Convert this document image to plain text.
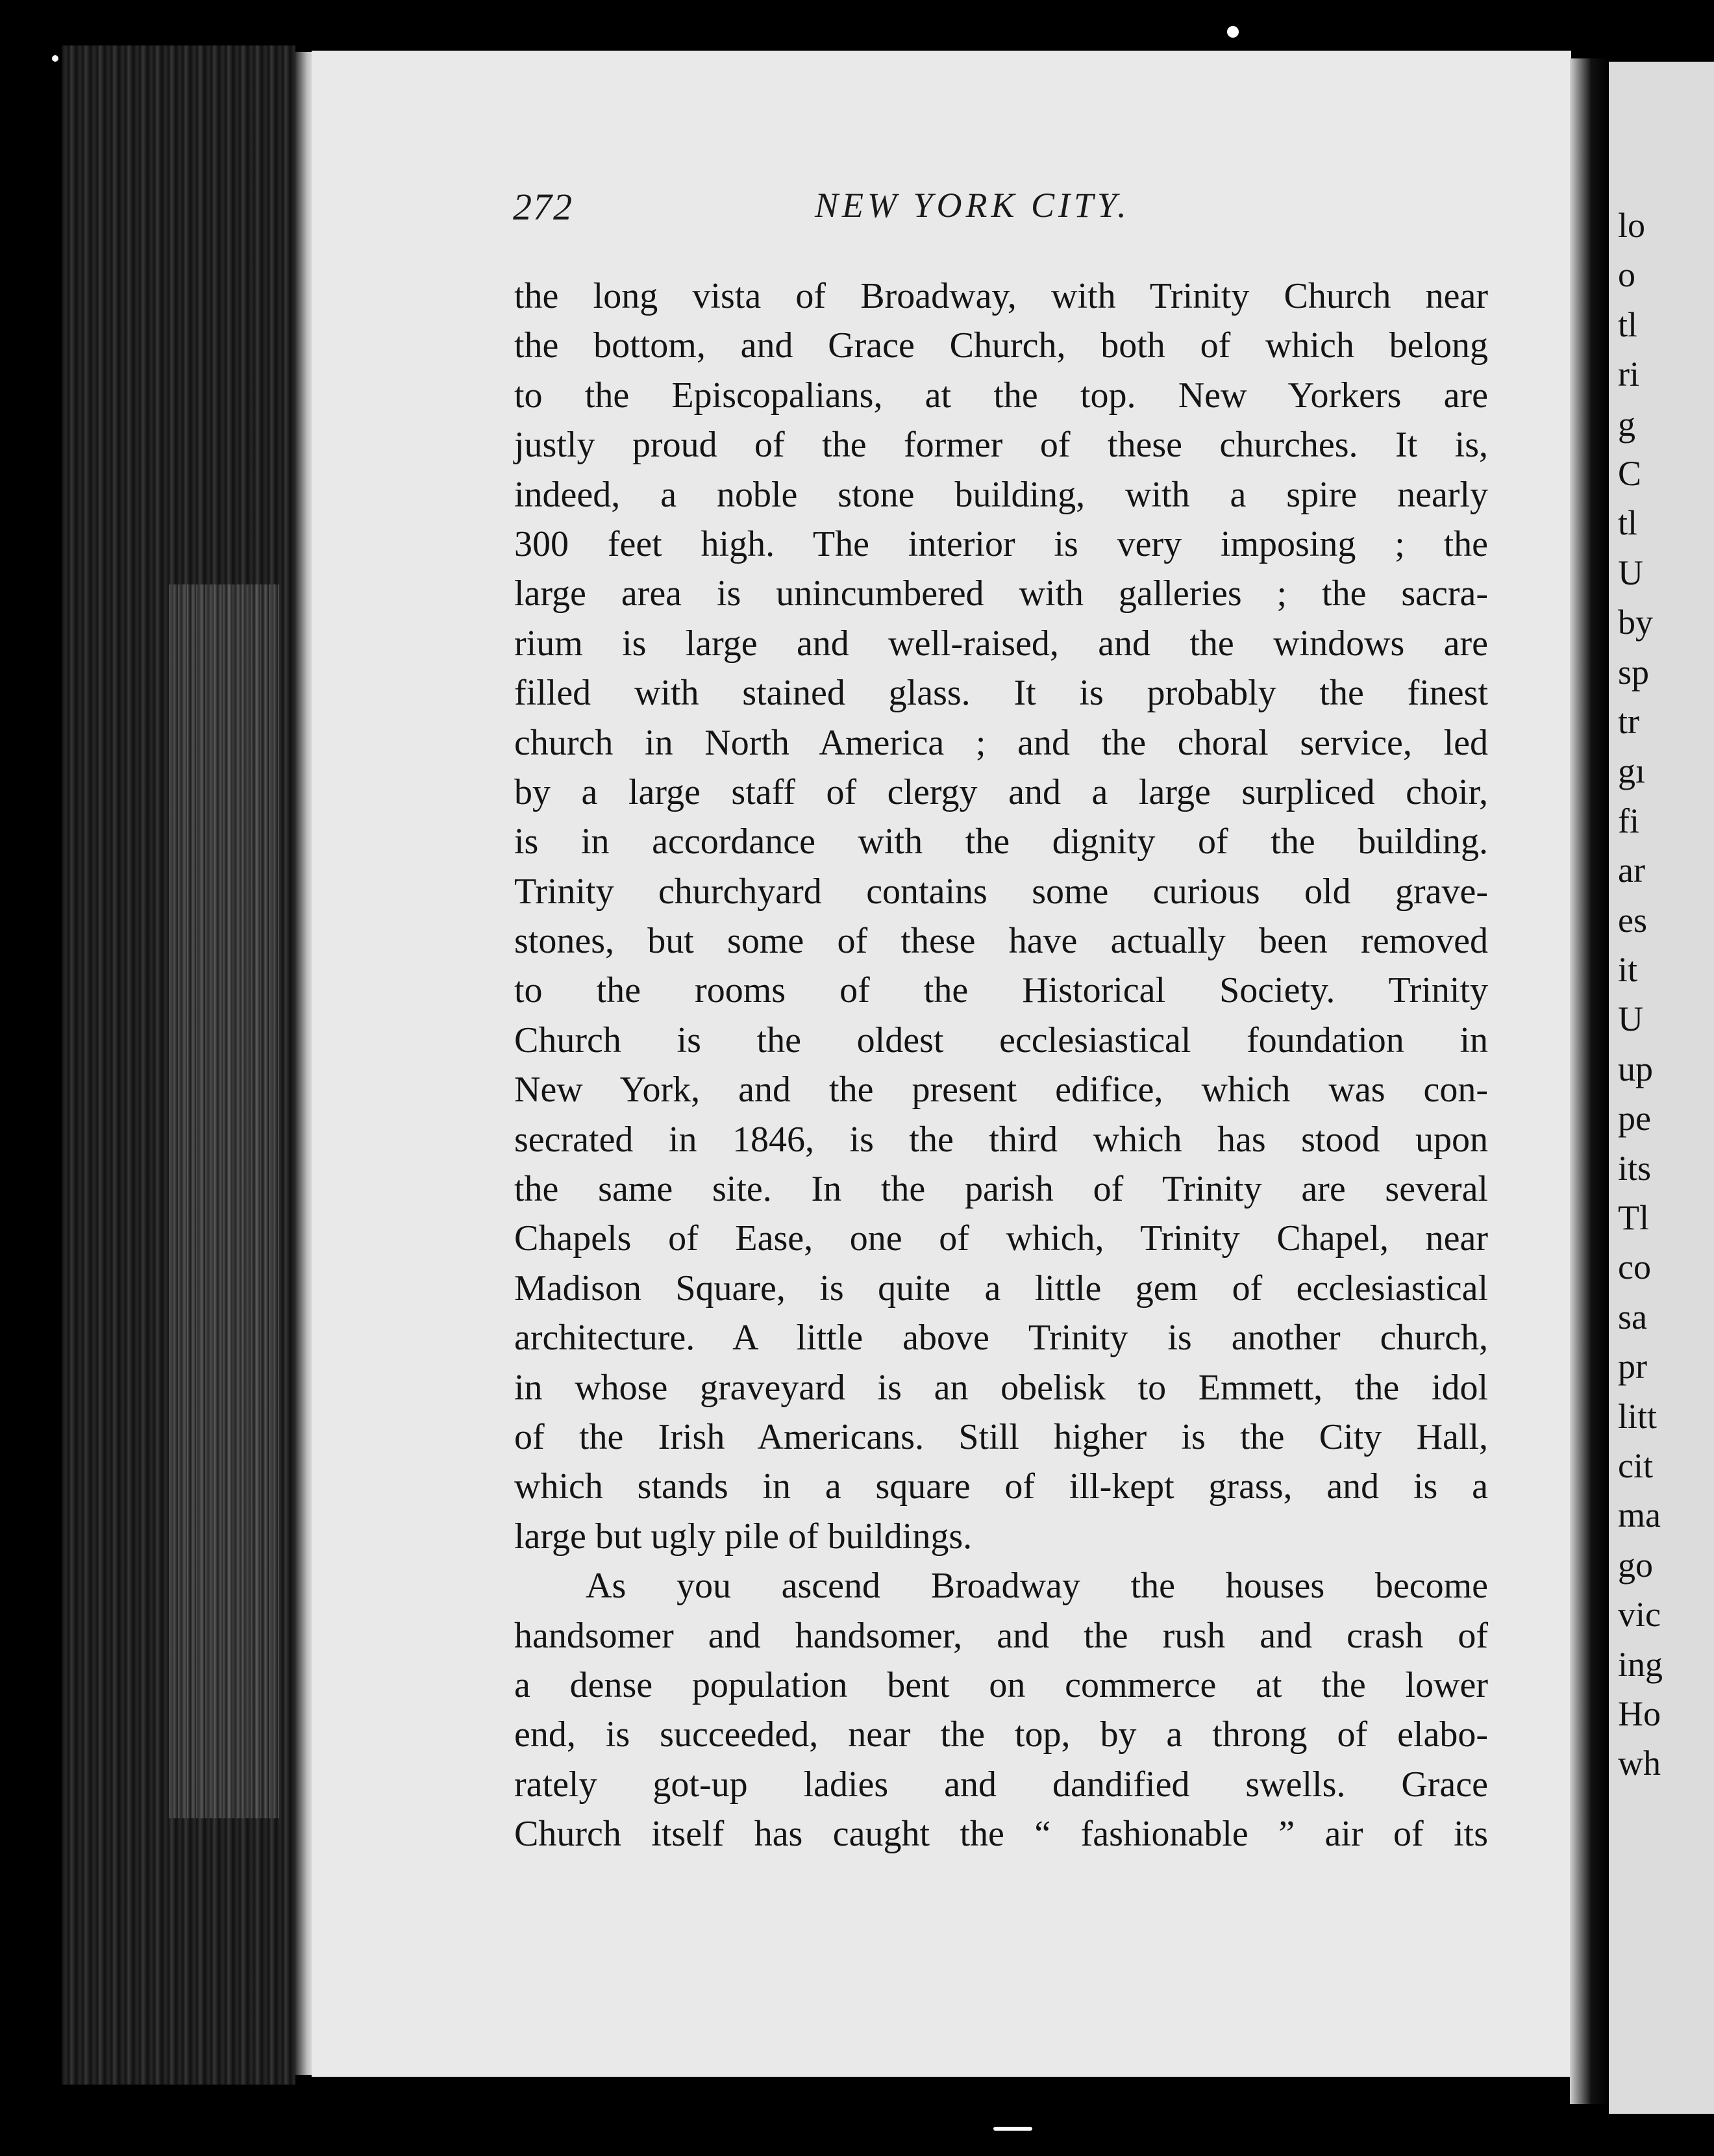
272	NEW YORK CITY.
the long vista of Broadway, with Trinity Church near
the bottom, and Grace Church, both of which belong
to the Episcopalians, at the top. New Yorkers are
justly proud of the former of these churches. It is,
indeed, a noble stone building, with a spire nearly
300 feet high. The interior is very imposing ; the
large area is unincumbered with galleries ; the sacra-
rium is large and well-raised, and the windows are
filled with stained glass. It is probably the finest
church in North America ; and the choral service, led
by a large staff of clergy and a large surpliced choir,
is in accordance with the dignity of the building.
Trinity churchyard contains some curious old grave-
stones, but some of these have actually been removed
to the rooms of the Historical Society. Trinity
Church is the oldest ecclesiastical foundation in
New York, and the present edifice, which was con-
secrated in 1846, is the third which has stood upon
the same site. In the parish of Trinity are several
Chapels of Ease, one of which, Trinity Chapel, near
Madison Square, is quite a little gem of ecclesiastical
architecture. A little above Trinity is another church,
in whose graveyard is an obelisk to Emmett, the idol
of the Irish Americans. Still higher is the City Hall,
which stands in a square of ill-kept grass, and is a
large but ugly pile of buildings.
As you ascend Broadway the houses become
handsomer and handsomer, and the rush and crash of
a dense population bent on commerce at the lower
end, is succeeded, near the top, by a throng of elabo-
rately got-up ladies and dandified swells. Grace
Church itself has caught the “ fashionable ” air of its
lo
o
tl
ri
g
C
tl
U
by
sp
tr
gı
fi
ar
es
it
U
up
pe
its
Tl
co
sa
pr
litt
cit
ma
go
vic
ing
Ho
wh
